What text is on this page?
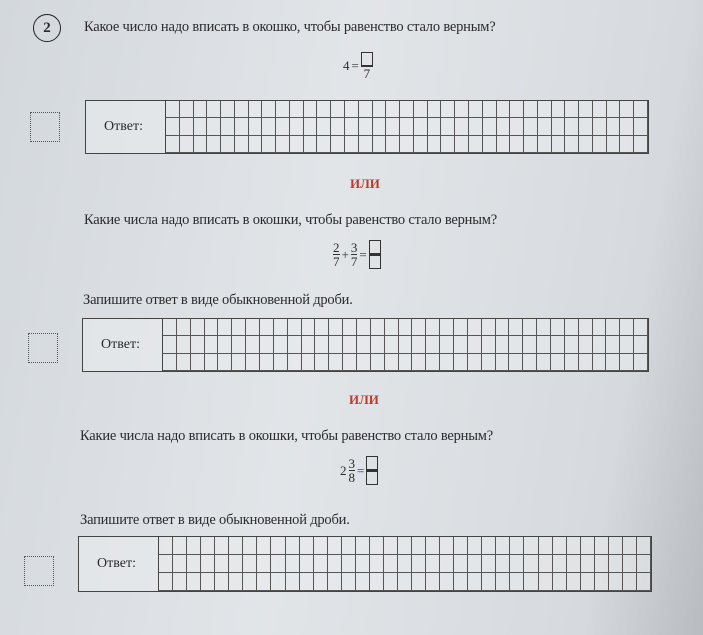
2	Какое число надо вписать в окошко, чтобы равенство стало верным?
4 =
7
Ответ:
ИЛИ
Какие числа надо вписать в окошки, чтобы равенство стало верным?
$\frac{2}{7} + \frac{3}{7}$ =
Запишите ответ в виде обыкновенной дроби.
Ответ:
ИЛИ
Какие числа надо вписать в окошки, чтобы равенство стало верным?
$2 \frac{3}{8}$ =
Запишите ответ в виде обыкновенной дроби.
Ответ:
